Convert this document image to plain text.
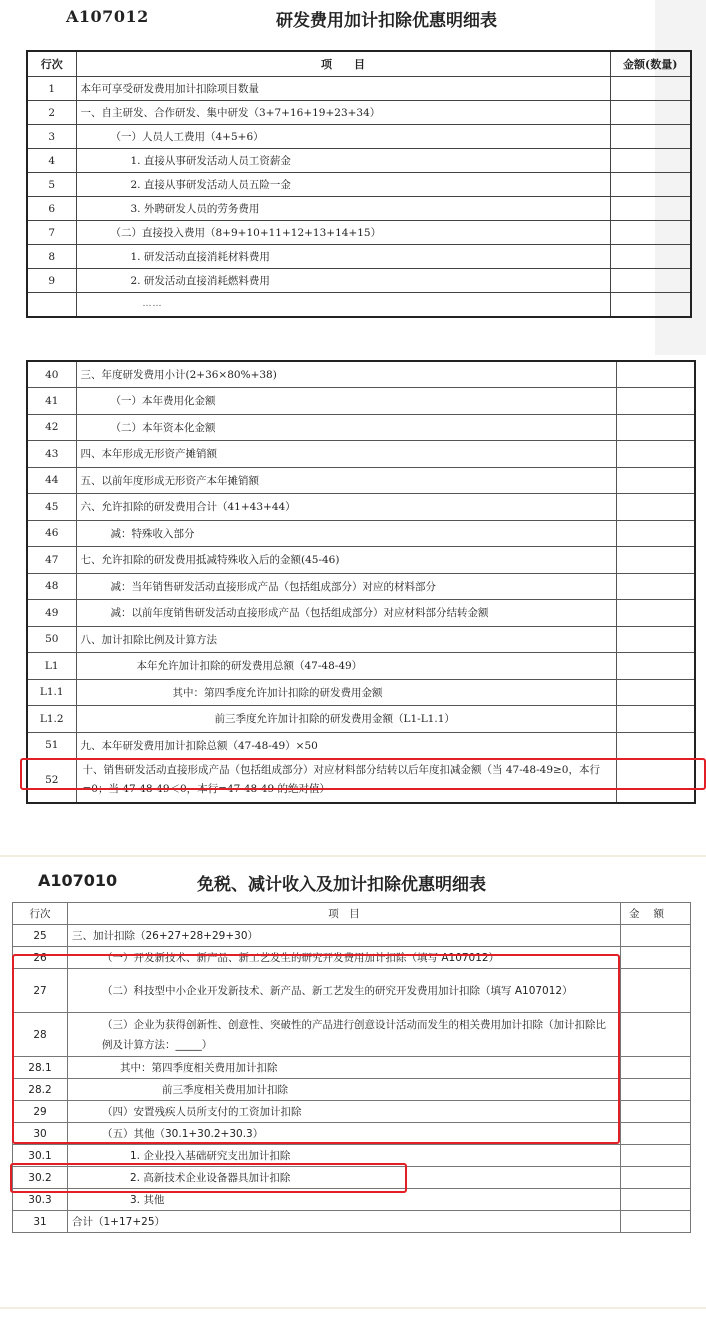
A107012	研发费用加计扣除优惠明细表
行次	项　　目	金额(数量)
1	本年可享受研发费用加计扣除项目数量	
2	一、自主研发、合作研发、集中研发（3+7+16+19+23+34）	
3	（一）人员人工费用（4+5+6）	
4	1. 直接从事研发活动人员工资薪金	
5	2. 直接从事研发活动人员五险一金	
6	3. 外聘研发人员的劳务费用	
7	（二）直接投入费用（8+9+10+11+12+13+14+15）	
8	1. 研发活动直接消耗材料费用	
9	2. 研发活动直接消耗燃料费用	
	……	
40	三、年度研发费用小计(2+36×80%+38)	
41	（一）本年费用化金额	
42	（二）本年资本化金额	
43	四、本年形成无形资产摊销额	
44	五、以前年度形成无形资产本年摊销额	
45	六、允许扣除的研发费用合计（41+43+44）	
46	减：特殊收入部分	
47	七、允许扣除的研发费用抵减特殊收入后的金额(45-46)	
48	减：当年销售研发活动直接形成产品（包括组成部分）对应的材料部分	
49	减：以前年度销售研发活动直接形成产品（包括组成部分）对应材料部分结转金额	
50	八、加计扣除比例及计算方法	
L1	本年允许加计扣除的研发费用总额（47-48-49）	
L1.1	其中：第四季度允许加计扣除的研发费用金额	
L1.2	前三季度允许加计扣除的研发费用金额（L1-L1.1）	
51	九、本年研发费用加计扣除总额（47-48-49）×50	
52	十、销售研发活动直接形成产品（包括组成部分）对应材料部分结转以后年度扣减金额（当 47-48-49≥0，本行=0；当 47-48-49＜0，本行=47-48-49 的绝对值）	
A107010	免税、减计收入及加计扣除优惠明细表
行次	项　目	金额
25	三、加计扣除（26+27+28+29+30）	
26	（一）开发新技术、新产品、新工艺发生的研究开发费用加计扣除（填写 A107012）	
27	（二）科技型中小企业开发新技术、新产品、新工艺发生的研究开发费用加计扣除（填写 A107012）	
28	（三）企业为获得创新性、创意性、突破性的产品进行创意设计活动而发生的相关费用加计扣除（加计扣除比例及计算方法：_____）	
28.1	其中：第四季度相关费用加计扣除	
28.2	前三季度相关费用加计扣除	
29	（四）安置残疾人员所支付的工资加计扣除	
30	（五）其他（30.1+30.2+30.3）	
30.1	1. 企业投入基础研究支出加计扣除	
30.2	2. 高新技术企业设备器具加计扣除	
30.3	3. 其他	
31	合计（1+17+25）	
